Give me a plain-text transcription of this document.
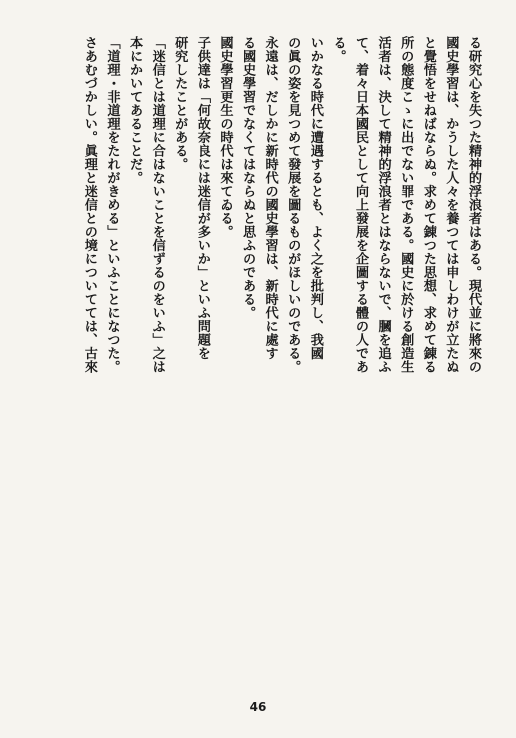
る研究心を失つた精神的浮浪者はある。現代並に將來の
國史學習は、かうした人々を養つては申しわけが立たぬ
と覺悟をせねばならぬ。求めて錬つた思想、求めて錬る
所の態度こゝに出でない罪である。國史に於ける創造生
活者は、決して精神的浮浪者とはならないで、膕を追ふ
て、着々日本國民として向上發展を企圖する體の人であ
る。
いかなる時代に遭遇するとも、よく之を批判し、我國
の眞の姿を見つめて發展を圖るものがほしいのである。
永遠は、だしかに新時代の國史學習は、新時代に處す
る國史學習でなくてはならぬと思ふのである。
國史學習更生の時代は來てゐる。
子供達は「何故奈良には迷信が多いか」といふ問題を
研究したことがある。
「迷信とは道理に合はないことを信ずるのをいふ」之は
本にかいてあることだ。
「道理・非道理をたれがきめる」といふことになつた。
さあむづかしい。眞理と迷信との境についてては、古來
46
